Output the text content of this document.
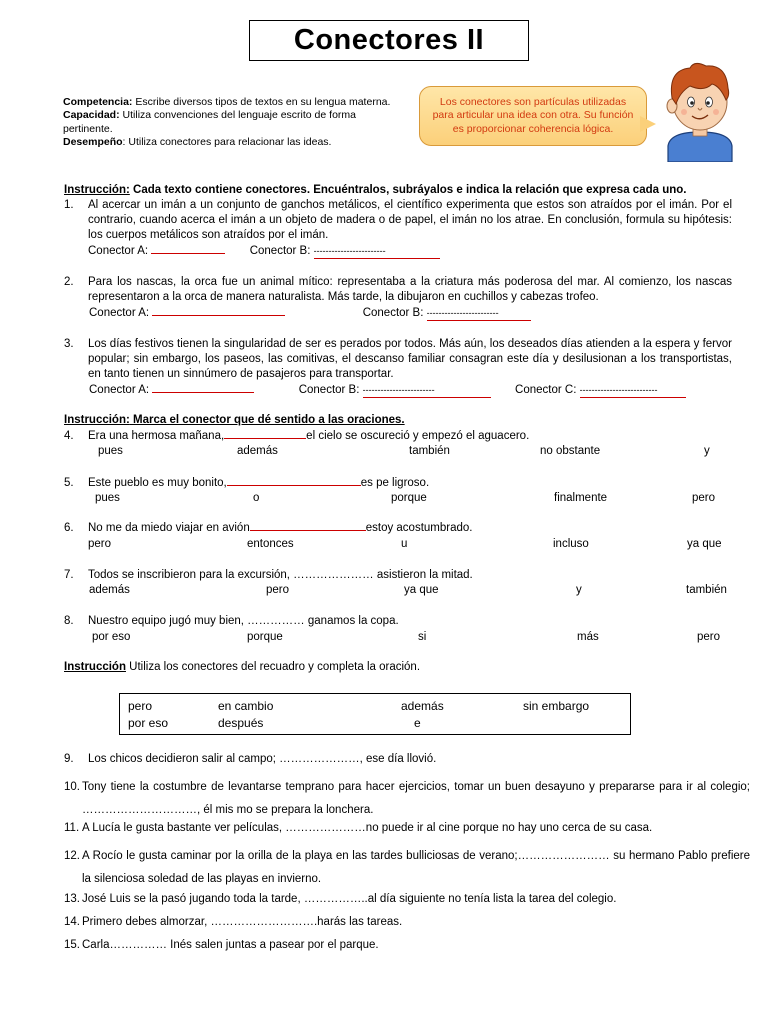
Conectores II
Competencia: Escribe diversos tipos de textos en su lengua materna.
Capacidad: Utiliza convenciones del lenguaje escrito de forma pertinente.
Desempeño: Utiliza conectores para relacionar las ideas.
Los conectores son partículas utilizadas para articular una idea con otra. Su función es proporcionar coherencia lógica.
Instrucción: Cada texto contiene conectores. Encuéntralos, subráyalos e indica la relación que expresa cada uno.
1.	Al acercar un imán a un conjunto de ganchos metálicos, el científico experimenta que estos son atraídos por el imán. Por el contrario, cuando acerca el imán a un objeto de madera o de papel, el imán no los atrae. En conclusión, formula su hipótesis: los cuerpos metálicos son atraídos por el imán.
Conector A:	Conector B: ------------------------
2.	Para los nascas, la orca fue un animal mítico: representaba a la criatura más poderosa del mar. Al comienzo, los nascas representaron a la orca de manera naturalista. Más tarde, la dibujaron en cuchillos y cabezas trofeo.
Conector A:	Conector B: ------------------------
3.	Los días festivos tienen la singularidad de ser es perados por todos. Más aún, los deseados días atienden a la espera y fervor popular; sin embargo, los paseos, las comitivas, el descanso familiar consagran este día y desilusionan a los transportistas, en tanto tienen un sinnúmero de pasajeros para transportar.
Conector A:	Conector B: ------------------------	Conector C: --------------------------
Instrucción: Marca el conector que dé sentido a las oraciones.
4. Era una hermosa mañana,	el cielo se oscureció y empezó el aguacero.
pues	además	también	no obstante	y
5. Este pueblo es muy bonito,	es pe ligroso.
pues	o	porque	finalmente	pero
6. No me da miedo viajar en avión	estoy acostumbrado.
pero	entonces	u	incluso	ya que
7. Todos se inscribieron para la excursión, ………………… asistieron la mitad.
además	pero	ya que	y	también
8. Nuestro equipo jugó muy bien, …………… ganamos la copa.
por eso	porque	si	más	pero
Instrucción Utiliza los conectores del recuadro y completa la oración.
pero	en cambio	además	sin embargo
por eso	después	e
9.	Los chicos decidieron salir al campo; …………………, ese día llovió.
10. Tony tiene la costumbre de levantarse temprano para hacer ejercicios, tomar un buen desayuno y prepararse para ir al colegio; …………………………, él mis mo se prepara la lonchera.
11. A Lucía le gusta bastante ver películas, …………………no puede ir al cine porque no hay uno cerca de su casa.
12. A Rocío le gusta caminar por la orilla de la playa en las tardes bulliciosas de verano;…………………… su hermano Pablo prefiere la silenciosa soledad de las playas en invierno.
13. José Luis se la pasó jugando toda la tarde, ……………..al día siguiente no tenía lista la tarea del colegio.
14. Primero debes almorzar, ……………………….harás las tareas.
15. Carla…………… Inés salen juntas a pasear por el parque.
